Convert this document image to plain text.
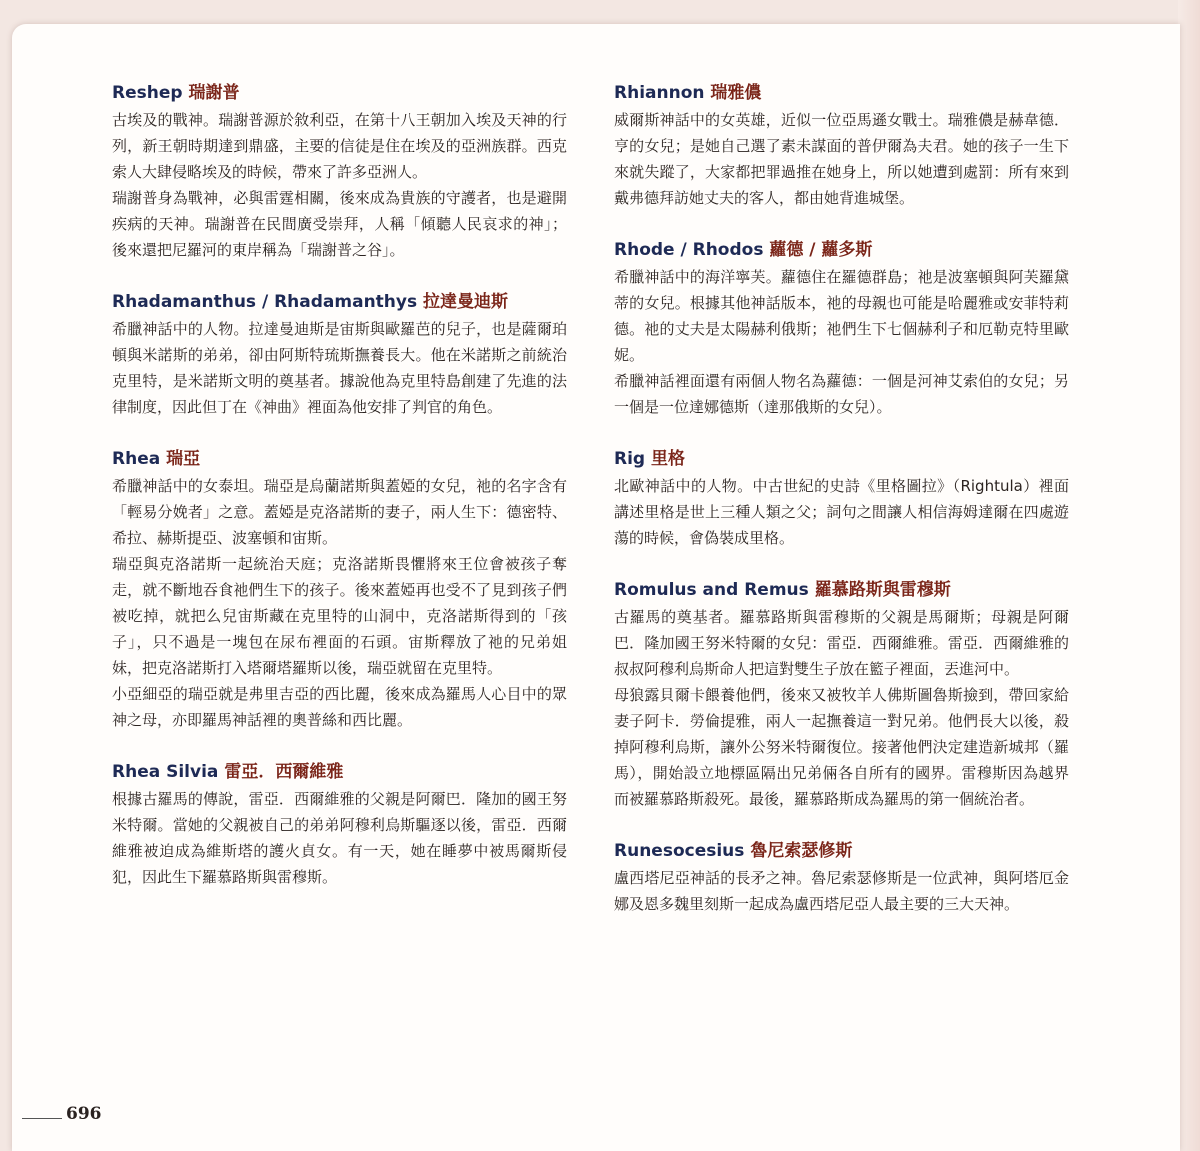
Reshep 瑞謝普

古埃及的戰神。瑞謝普源於敘利亞，在第十八王朝加入埃及天神的行列，新王朝時期達到鼎盛，主要的信徒是住在埃及的亞洲族群。西克索人大肆侵略埃及的時候，帶來了許多亞洲人。

瑞謝普身為戰神，必與雷霆相關，後來成為貴族的守護者，也是避開疾病的天神。瑞謝普在民間廣受崇拜，人稱「傾聽人民哀求的神」；後來還把尼羅河的東岸稱為「瑞謝普之谷」。

Rhadamanthus / Rhadamanthys 拉達曼迪斯

希臘神話中的人物。拉達曼迪斯是宙斯與歐羅芭的兒子，也是薩爾珀頓與米諾斯的弟弟，卻由阿斯特琉斯撫養長大。他在米諾斯之前統治克里特，是米諾斯文明的奠基者。據說他為克里特島創建了先進的法律制度，因此但丁在《神曲》裡面為他安排了判官的角色。

Rhea 瑞亞

希臘神話中的女泰坦。瑞亞是烏蘭諾斯與蓋婭的女兒，祂的名字含有「輕易分娩者」之意。蓋婭是克洛諾斯的妻子，兩人生下：德密特、希拉、赫斯提亞、波塞頓和宙斯。

瑞亞與克洛諾斯一起統治天庭；克洛諾斯畏懼將來王位會被孩子奪走，就不斷地吞食祂們生下的孩子。後來蓋婭再也受不了見到孩子們被吃掉，就把么兒宙斯藏在克里特的山洞中，克洛諾斯得到的「孩子」，只不過是一塊包在尿布裡面的石頭。宙斯釋放了祂的兄弟姐妹，把克洛諾斯打入塔爾塔羅斯以後，瑞亞就留在克里特。

小亞細亞的瑞亞就是弗里吉亞的西比麗，後來成為羅馬人心目中的眾神之母，亦即羅馬神話裡的奧普絲和西比麗。

Rhea Silvia 雷亞．西爾維雅

根據古羅馬的傳說，雷亞．西爾維雅的父親是阿爾巴．隆加的國王努米特爾。當她的父親被自己的弟弟阿穆利烏斯驅逐以後，雷亞．西爾維雅被迫成為維斯塔的護火貞女。有一天，她在睡夢中被馬爾斯侵犯，因此生下羅慕路斯與雷穆斯。

Rhiannon 瑞雅儂

威爾斯神話中的女英雄，近似一位亞馬遜女戰士。瑞雅儂是赫韋德．亨的女兒；是她自己選了素未謀面的普伊爾為夫君。她的孩子一生下來就失蹤了，大家都把罪過推在她身上，所以她遭到處罰：所有來到戴弗德拜訪她丈夫的客人，都由她背進城堡。

Rhode / Rhodos 蘿德 / 蘿多斯

希臘神話中的海洋寧芙。蘿德住在羅德群島；祂是波塞頓與阿芙羅黛蒂的女兒。根據其他神話版本，祂的母親也可能是哈麗雅或安菲特莉德。祂的丈夫是太陽赫利俄斯；祂們生下七個赫利子和厄勒克特里歐妮。

希臘神話裡面還有兩個人物名為蘿德：一個是河神艾索伯的女兒；另一個是一位達娜德斯（達那俄斯的女兒）。

Rig 里格

北歐神話中的人物。中古世紀的史詩《里格圖拉》（Rightula）裡面講述里格是世上三種人類之父；詞句之間讓人相信海姆達爾在四處遊蕩的時候，會偽裝成里格。

Romulus and Remus 羅慕路斯與雷穆斯

古羅馬的奠基者。羅慕路斯與雷穆斯的父親是馬爾斯；母親是阿爾巴．隆加國王努米特爾的女兒：雷亞．西爾維雅。雷亞．西爾維雅的叔叔阿穆利烏斯命人把這對雙生子放在籃子裡面，丟進河中。

母狼露貝爾卡餵養他們，後來又被牧羊人佛斯圖魯斯撿到，帶回家給妻子阿卡．勞倫提雅，兩人一起撫養這一對兄弟。他們長大以後，殺掉阿穆利烏斯，讓外公努米特爾復位。接著他們決定建造新城邦（羅馬），開始設立地標區隔出兄弟倆各自所有的國界。雷穆斯因為越界而被羅慕路斯殺死。最後，羅慕路斯成為羅馬的第一個統治者。

Runesocesius 魯尼索瑟修斯

盧西塔尼亞神話的長矛之神。魯尼索瑟修斯是一位武神，與阿塔厄金娜及恩多魏里刻斯一起成為盧西塔尼亞人最主要的三大天神。

696
